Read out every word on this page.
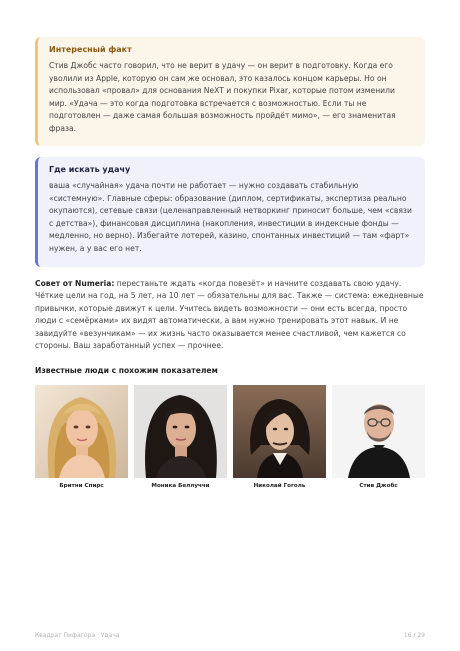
Интересный факт
Стив Джобс часто говорил, что не верит в удачу — он верит в подготовку. Когда его уволили из Apple, которую он сам же основал, это казалось концом карьеры. Но он использовал «провал» для основания NeXT и покупки Pixar, которые потом изменили мир. «Удача — это когда подготовка встречается с возможностью. Если ты не подготовлен — даже самая большая возможность пройдёт мимо», — его знаменитая фраза.
Где искать удачу
ваша «случайная» удача почти не работает — нужно создавать стабильную «системную». Главные сферы: образование (диплом, сертификаты, экспертиза реально окупаются), сетевые связи (целенаправленный нетворкинг приносит больше, чем «связи с детства»), финансовая дисциплина (накопления, инвестиции в индексные фонды — медленно, но верно). Избегайте лотерей, казино, спонтанных инвестиций — там «фарт» нужен, а у вас его нет.
Совет от Numeria: перестаньте ждать «когда повезёт» и начните создавать свою удачу. Чёткие цели на год, на 5 лет, на 10 лет — обязательны для вас. Также — система: ежедневные привычки, которые движут к цели. Учитесь видеть возможности — они есть всегда, просто люди с «семёрками» их видят автоматически, а вам нужно тренировать этот навык. И не завидуйте «везунчикам» — их жизнь часто оказывается менее счастливой, чем кажется со стороны. Ваш заработанный успех — прочнее.
Известные люди с похожим показателем
Бритни Спирс	Моника Беллуччи	Николай Гоголь	Стив Джобс
Квадрат Пифагора · Удача	16 / 29
